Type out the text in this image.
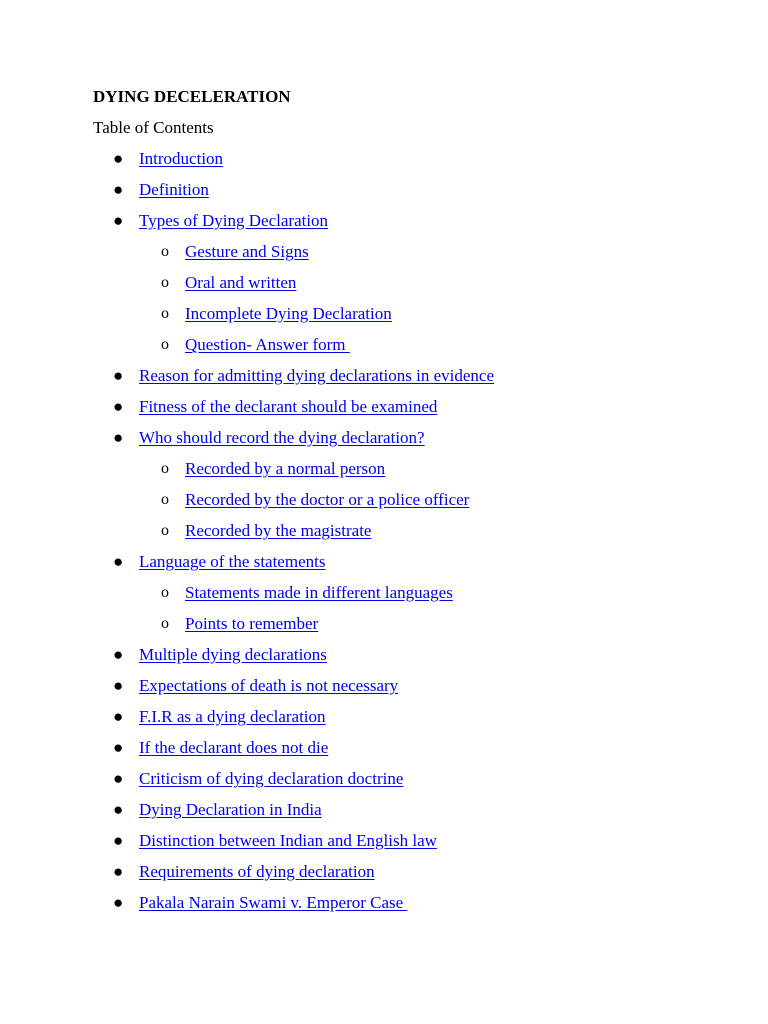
DYING DECELERATION
Table of Contents
● Introduction
● Definition
● Types of Dying Declaration
o Gesture and Signs
o Oral and written
o Incomplete Dying Declaration
o Question- Answer form
● Reason for admitting dying declarations in evidence
● Fitness of the declarant should be examined
● Who should record the dying declaration?
o Recorded by a normal person
o Recorded by the doctor or a police officer
o Recorded by the magistrate
● Language of the statements
o Statements made in different languages
o Points to remember
● Multiple dying declarations
● Expectations of death is not necessary
● F.I.R as a dying declaration
● If the declarant does not die
● Criticism of dying declaration doctrine
● Dying Declaration in India
● Distinction between Indian and English law
● Requirements of dying declaration
● Pakala Narain Swami v. Emperor Case
